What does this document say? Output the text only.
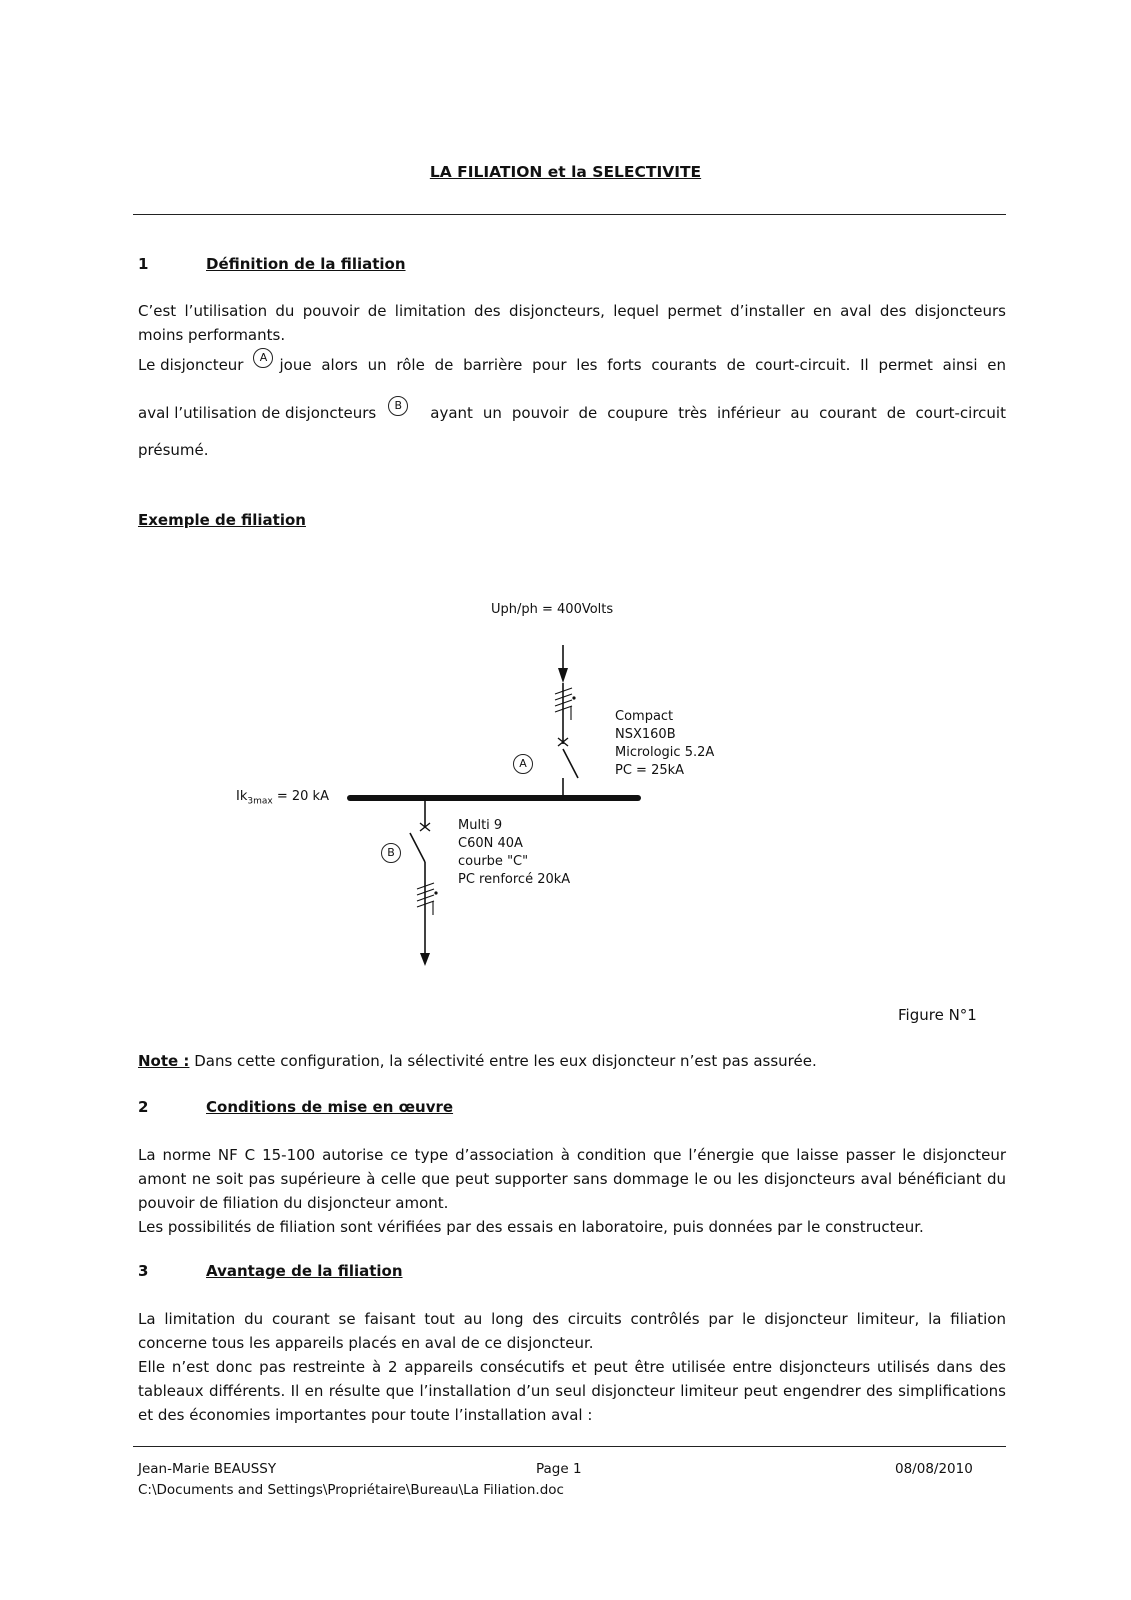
LA FILIATION et la SELECTIVITE
1	Définition de la filiation
C’est l’utilisation du pouvoir de limitation des disjoncteurs, lequel permet d’installer en aval des disjoncteurs
moins performants.
Le disjoncteur	A joue alors un rôle de barrière pour les forts courants de court-circuit. Il permet ainsi en
aval l’utilisation de disjoncteurs	B	ayant un pouvoir de coupure très inférieur au courant de court-circuit
présumé.
Exemple de filiation
Uph/ph = 400Volts
A
Compact
NSX160B
Micrologic 5.2A
PC = 25kA
$Ik_{3max} = 20$ kA
B
Multi 9
C60N 40A
courbe "C"
PC renforcé 20kA
Figure N°1
Note : Dans cette configuration, la sélectivité entre les eux disjoncteur n’est pas assurée.
2	Conditions de mise en œuvre

La norme NF C 15-100 autorise ce type d’association à condition que l’énergie que laisse passer le disjoncteur amont ne soit pas supérieure à celle que peut supporter sans dommage le ou les disjoncteurs aval bénéficiant du pouvoir de filiation du disjoncteur amont.

Les possibilités de filiation sont vérifiées par des essais en laboratoire, puis données par le constructeur.

3	Avantage de la filiation

La limitation du courant se faisant tout au long des circuits contrôlés par le disjoncteur limiteur, la filiation concerne tous les appareils placés en aval de ce disjoncteur.

Elle n’est donc pas restreinte à 2 appareils consécutifs et peut être utilisée entre disjoncteurs utilisés dans des tableaux différents. Il en résulte que l’installation d’un seul disjoncteur limiteur peut engendrer des simplifications et des économies importantes pour toute l’installation aval :

Jean-Marie BEAUSSY	Page 1	08/08/2010
C:\Documents and Settings\Propriétaire\Bureau\La Filiation.doc
